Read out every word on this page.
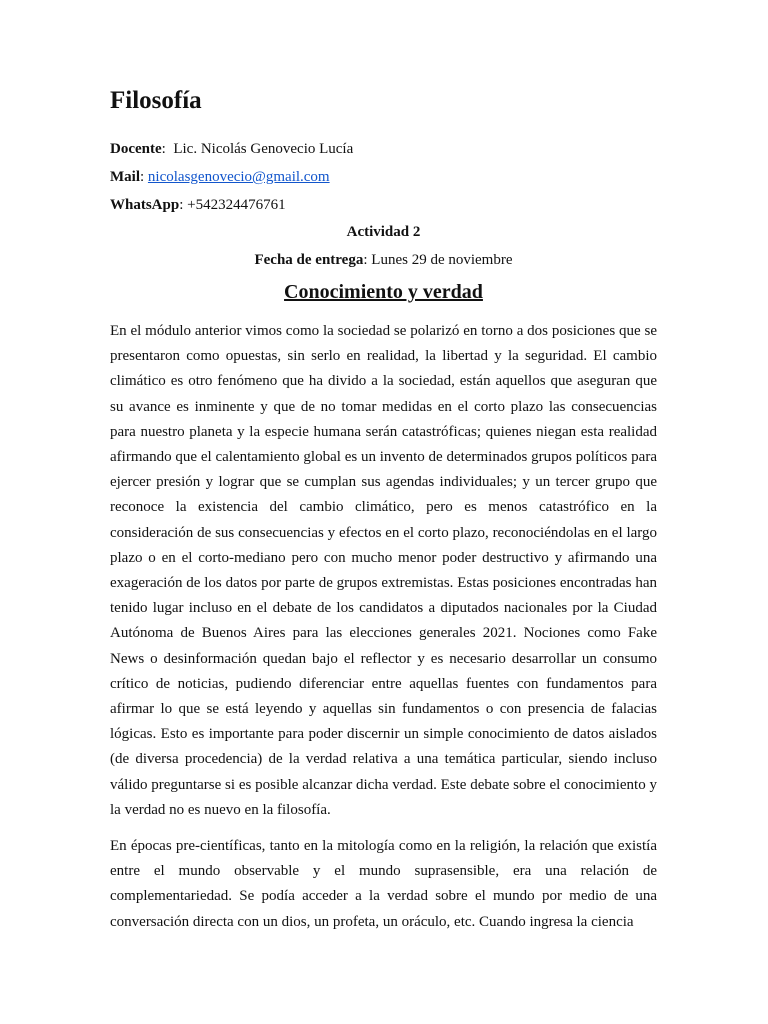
Filosofía
Docente:  Lic. Nicolás Genovecio Lucía
Mail: nicolasgenovecio@gmail.com
WhatsApp: +542324476761
Actividad 2
Fecha de entrega: Lunes 29 de noviembre
Conocimiento y verdad

En el módulo anterior vimos como la sociedad se polarizó en torno a dos posiciones que se presentaron como opuestas, sin serlo en realidad, la libertad y la seguridad. El cambio climático es otro fenómeno que ha divido a la sociedad, están aquellos que aseguran que su avance es inminente y que de no tomar medidas en el corto plazo las consecuencias para nuestro planeta y la especie humana serán catastróficas; quienes niegan esta realidad afirmando que el calentamiento global es un invento de determinados grupos políticos para ejercer presión y lograr que se cumplan sus agendas individuales; y un tercer grupo que reconoce la existencia del cambio climático, pero es menos catastrófico en la consideración de sus consecuencias y efectos en el corto plazo, reconociéndolas en el largo plazo o en el corto-mediano pero con mucho menor poder destructivo y afirmando una exageración de los datos por parte de grupos extremistas. Estas posiciones encontradas han tenido lugar incluso en el debate de los candidatos a diputados nacionales por la Ciudad Autónoma de Buenos Aires para las elecciones generales 2021. Nociones como Fake News o desinformación quedan bajo el reflector y es necesario desarrollar un consumo crítico de noticias, pudiendo diferenciar entre aquellas fuentes con fundamentos para afirmar lo que se está leyendo y aquellas sin fundamentos o con presencia de falacias lógicas. Esto es importante para poder discernir un simple conocimiento de datos aislados (de diversa procedencia) de la verdad relativa a una temática particular, siendo incluso válido preguntarse si es posible alcanzar dicha verdad. Este debate sobre el conocimiento y la verdad no es nuevo en la filosofía.

En épocas pre-científicas, tanto en la mitología como en la religión, la relación que existía entre el mundo observable y el mundo suprasensible, era una relación de complementariedad. Se podía acceder a la verdad sobre el mundo por medio de una conversación directa con un dios, un profeta, un oráculo, etc. Cuando ingresa la ciencia
